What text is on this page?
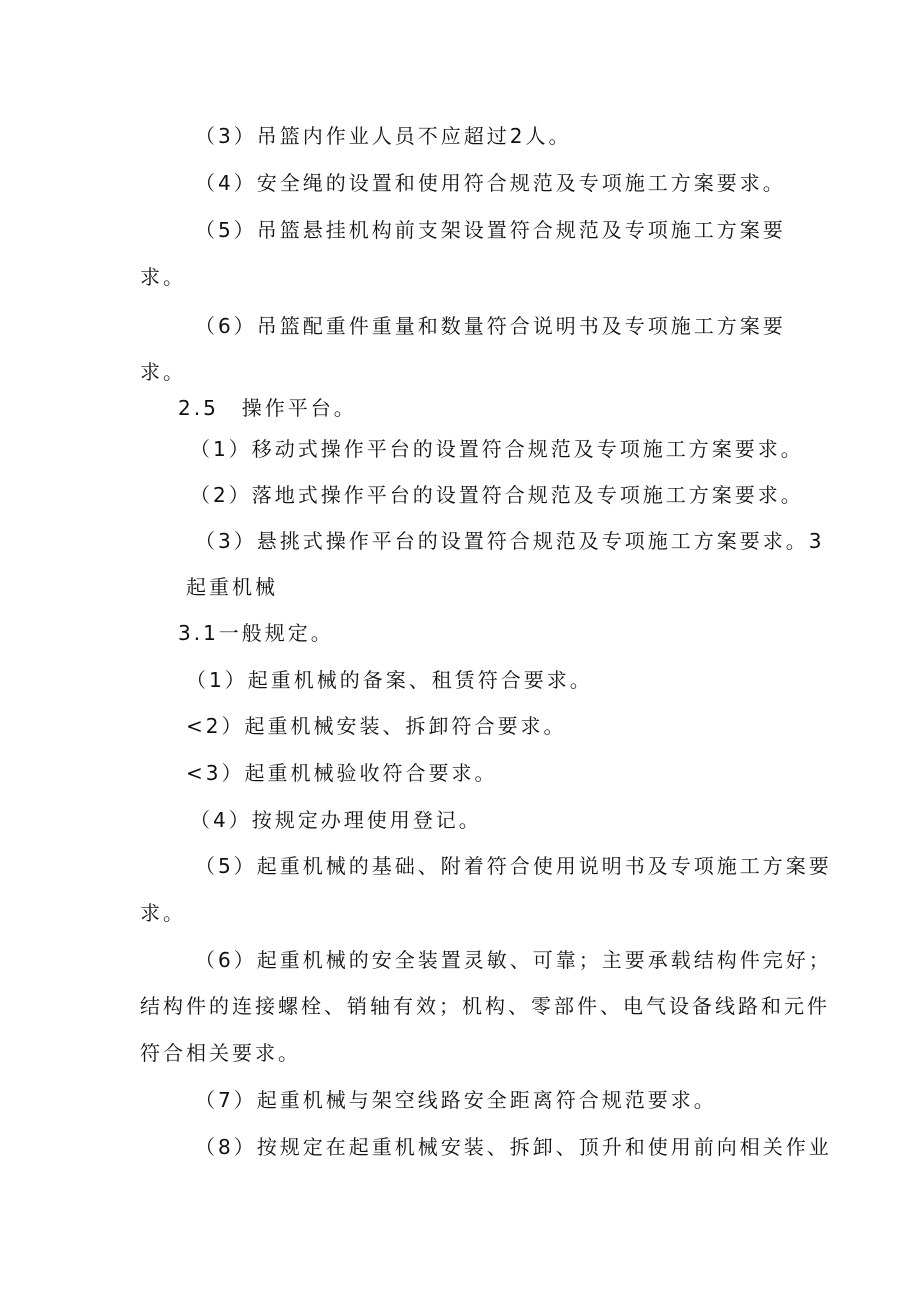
（3）吊篮内作业人员不应超过2人。
（4）安全绳的设置和使用符合规范及专项施工方案要求。
（5）吊篮悬挂机构前支架设置符合规范及专项施工方案要
求。
（6）吊篮配重件重量和数量符合说明书及专项施工方案要
求。
2.5　操作平台。
（1）移动式操作平台的设置符合规范及专项施工方案要求。
（2）落地式操作平台的设置符合规范及专项施工方案要求。
（3）悬挑式操作平台的设置符合规范及专项施工方案要求。3
起重机械
3.1一般规定。
（1）起重机械的备案、租赁符合要求。
<2）起重机械安装、拆卸符合要求。
<3）起重机械验收符合要求。
（4）按规定办理使用登记。
（5）起重机械的基础、附着符合使用说明书及专项施工方案要
求。
（6）起重机械的安全装置灵敏、可靠；主要承载结构件完好；
结构件的连接螺栓、销轴有效；机构、零部件、电气设备线路和元件
符合相关要求。
（7）起重机械与架空线路安全距离符合规范要求。
（8）按规定在起重机械安装、拆卸、顶升和使用前向相关作业
